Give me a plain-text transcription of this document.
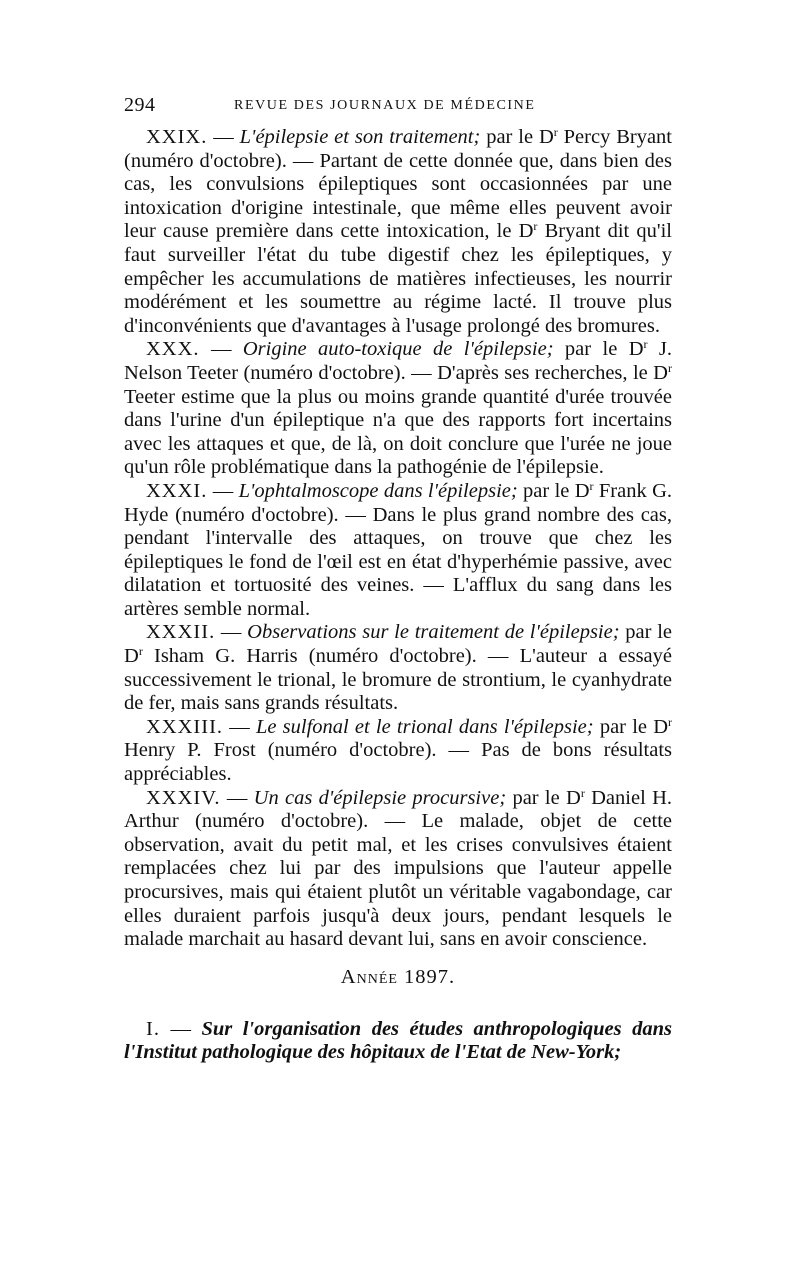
294	REVUE DES JOURNAUX DE MÉDECINE

XXIX. — L'épilepsie et son traitement; par le $D^r$ Percy Bryant (numéro d'octobre). — Partant de cette donnée que, dans bien des cas, les convulsions épileptiques sont occasionnées par une intoxication d'origine intestinale, que même elles peuvent avoir leur cause première dans cette intoxication, le $D^r$ Bryant dit qu'il faut surveiller l'état du tube digestif chez les épileptiques, y empêcher les accumulations de matières infectieuses, les nourrir modérément et les soumettre au régime lacté. Il trouve plus d'inconvénients que d'avantages à l'usage prolongé des bromures.

XXX. — Origine auto-toxique de l'épilepsie; par le $D^r$ J. Nelson Teeter (numéro d'octobre). — D'après ses recherches, le $D^r$ Teeter estime que la plus ou moins grande quantité d'urée trouvée dans l'urine d'un épileptique n'a que des rapports fort incertains avec les attaques et que, de là, on doit conclure que l'urée ne joue qu'un rôle problématique dans la pathogénie de l'épilepsie.

XXXI. — L'ophtalmoscope dans l'épilepsie; par le $D^r$ Frank G. Hyde (numéro d'octobre). — Dans le plus grand nombre des cas, pendant l'intervalle des attaques, on trouve que chez les épileptiques le fond de l'œil est en état d'hyperhémie passive, avec dilatation et tortuosité des veines. — L'afflux du sang dans les artères semble normal.

XXXII. — Observations sur le traitement de l'épilepsie; par le $D^r$ Isham G. Harris (numéro d'octobre). — L'auteur a essayé successivement le trional, le bromure de strontium, le cyanhydrate de fer, mais sans grands résultats.

XXXIII. — Le sulfonal et le trional dans l'épilepsie; par le $D^r$ Henry P. Frost (numéro d'octobre). — Pas de bons résultats appréciables.

XXXIV. — Un cas d'épilepsie procursive; par le $D^r$ Daniel H. Arthur (numéro d'octobre). — Le malade, objet de cette observation, avait du petit mal, et les crises convulsives étaient remplacées chez lui par des impulsions que l'auteur appelle procursives, mais qui étaient plutôt un véritable vagabondage, car elles duraient parfois jusqu'à deux jours, pendant lesquels le malade marchait au hasard devant lui, sans en avoir conscience.

Année 1897.

I. — Sur l'organisation des études anthropologiques dans l'Institut pathologique des hôpitaux de l'Etat de New-York;
